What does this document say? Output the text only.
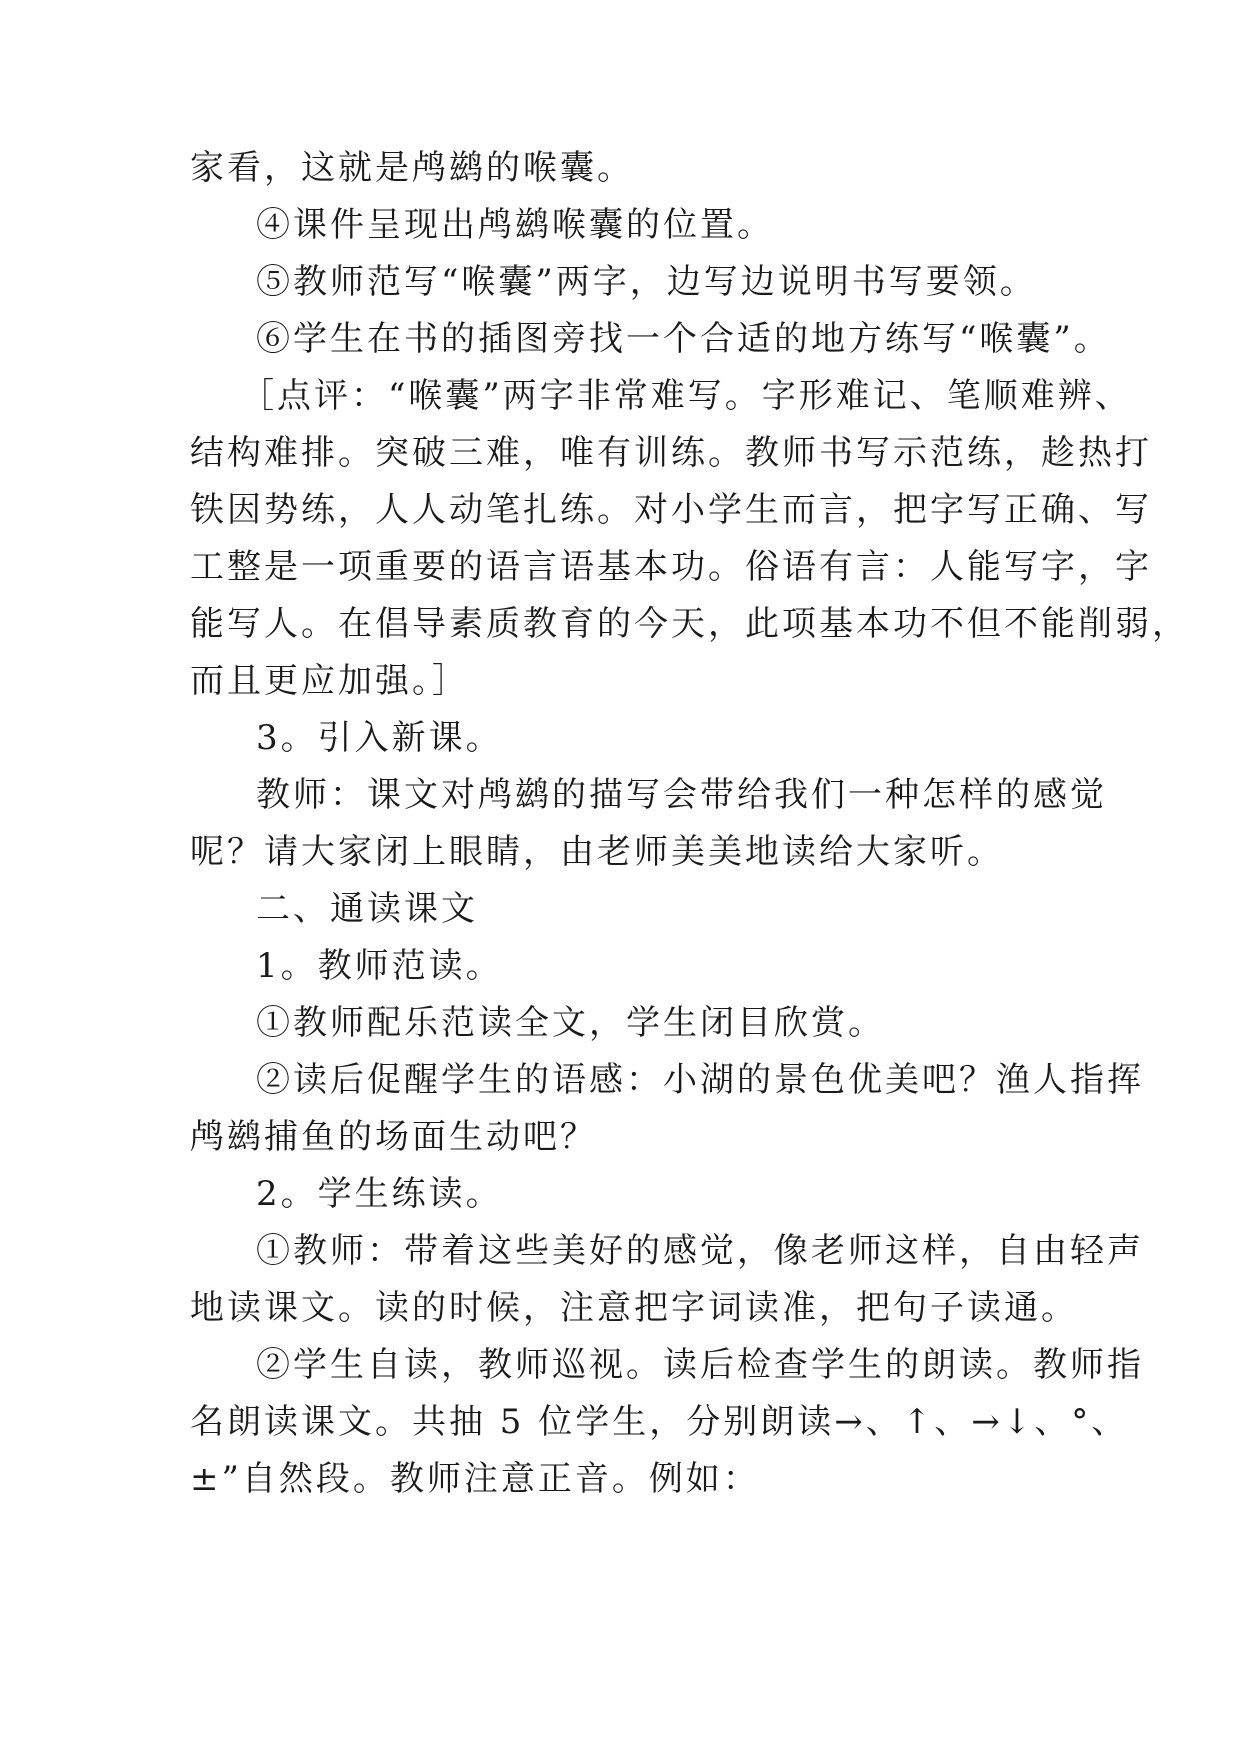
家看，这就是鸬鹚的喉囊。
④课件呈现出鸬鹚喉囊的位置。
⑤教师范写“喉囊”两字，边写边说明书写要领。
⑥学生在书的插图旁找一个合适的地方练写“喉囊”。
［点评：“喉囊”两字非常难写。字形难记、笔顺难辨、
结构难排。突破三难，唯有训练。教师书写示范练，趁热打
铁因势练，人人动笔扎练。对小学生而言，把字写正确、写
工整是一项重要的语言语基本功。俗语有言：人能写字，字
能写人。在倡导素质教育的今天，此项基本功不但不能削弱，
而且更应加强。］
3。引入新课。
教师：课文对鸬鹚的描写会带给我们一种怎样的感觉
呢？请大家闭上眼睛，由老师美美地读给大家听。
二、通读课文
1。教师范读。
①教师配乐范读全文，学生闭目欣赏。
②读后促醒学生的语感：小湖的景色优美吧？渔人指挥
鸬鹚捕鱼的场面生动吧？
2。学生练读。
①教师：带着这些美好的感觉，像老师这样，自由轻声
地读课文。读的时候，注意把字词读准，把句子读通。
②学生自读，教师巡视。读后检查学生的朗读。教师指
名朗读课文。共抽 5 位学生，分别朗读→、↑、→↓、°、
±”自然段。教师注意正音。例如：
